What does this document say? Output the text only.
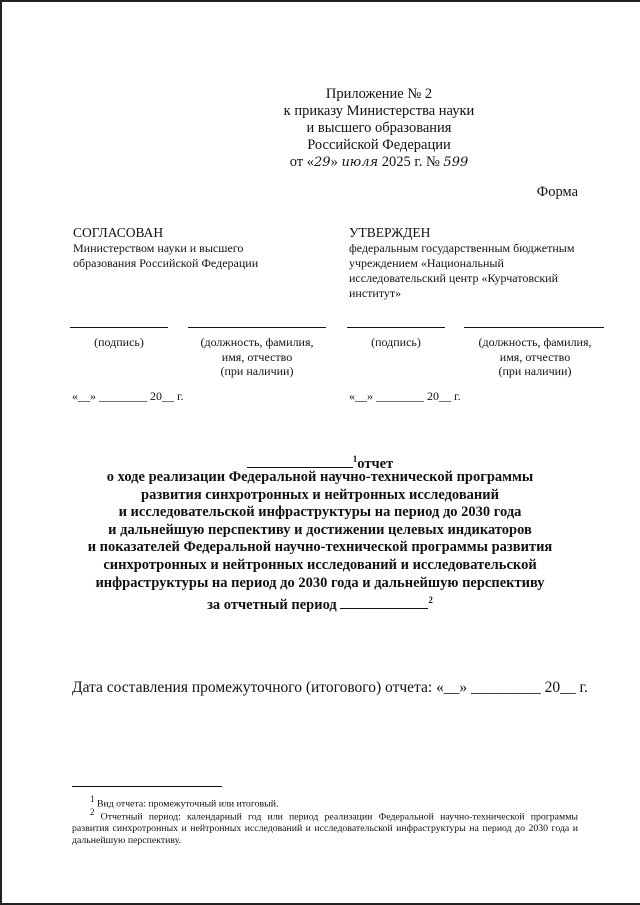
Приложение № 2
к приказу Министерства науки
и высшего образования
Российской Федерации
от «29» июля 2025 г. № 599
Форма
СОГЛАСОВАН
Министерством науки и высшего
образования Российской Федерации
УТВЕРЖДЕН
федеральным государственным бюджетным
учреждением «Национальный
исследовательский центр «Курчатовский
институт»
(подпись)	(должность, фамилия,
имя, отчество
(при наличии)
(подпись)	(должность, фамилия,
имя, отчество
(при наличии)
«__» ________ 20__ г.	«__» ________ 20__ г.
$^1$отчет
о ходе реализации Федеральной научно-технической программы
развития синхротронных и нейтронных исследований
и исследовательской инфраструктуры на период до 2030 года
и дальнейшую перспективу и достижении целевых индикаторов
и показателей Федеральной научно-технической программы развития
синхротронных и нейтронных исследований и исследовательской
инфраструктуры на период до 2030 года и дальнейшую перспективу
за отчетный период	$^2$
Дата составления промежуточного (итогового) отчета: «__» _________ 20__ г.
$^1$ Вид отчета: промежуточный или итоговый.
$^2$ Отчетный период: календарный год или период реализации Федеральной научно-технической программы развития синхротронных и нейтронных исследований и исследовательской инфраструктуры на период до 2030 года и дальнейшую перспективу.
